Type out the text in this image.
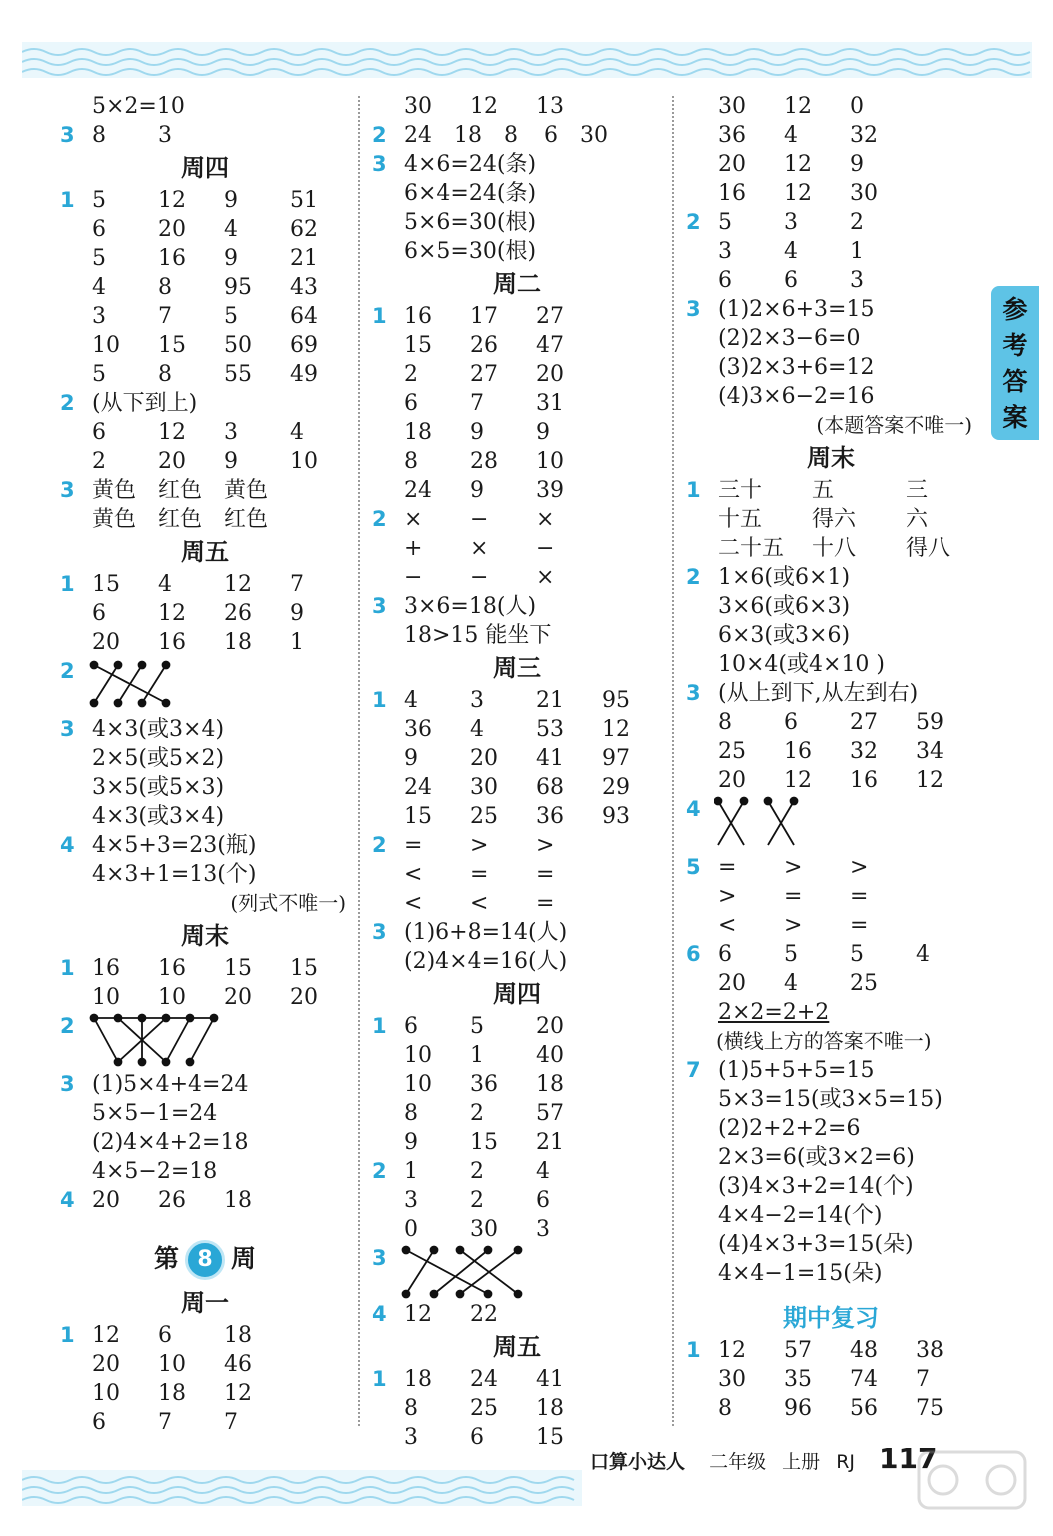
参
考
答
案
5×2=10
3 8 3
周四
1 5 12 9 51
6 20 4 62
5 16 9 21
4 8 95 43
3 7 5 64
10 15 50 69
5 8 55 49
2 (从下到上)
6 12 3 4
2 20 9 10
3 黄色 红色 黄色
黄色 红色 红色
周五
1 15 4 12 7
6 12 26 9
20 16 18 1
2
3 4×3(或3×4)
2×5(或5×2)
3×5(或5×3)
4×3(或3×4)
4 4×5+3=23(瓶)
4×3+1=13(个)
(列式不唯一)
周末
1 16 16 15 15
10 10 20 20
2
3 (1)5×4+4=24
5×5−1=24
(2)4×4+2=18
4×5−2=18
4 20 26 18
第 8 周
周一
1 12 6 18
20 10 46
10 18 12
6 7 7
30 12 13
2 24 18 8 6 30
3 4×6=24(条)
6×4=24(条)
5×6=30(根)
6×5=30(根)
周二
1 16 17 27
15 26 47
2 27 20
6 7 31
18 9 9
8 28 10
24 9 39
2 × − ×
+ × −
− − ×
3 3×6=18(人)
18>15 能坐下
周三
1 4 3 21 95
36 4 53 12
9 20 41 97
24 30 68 29
15 25 36 93
2 = > >
< = =
< < =
3 (1)6+8=14(人)
(2)4×4=16(人)
周四
1 6 5 20
10 1 40
10 36 18
8 2 57
9 15 21
2 1 2 4
3 2 6
0 30 3
3
4 12 22
周五
1 18 24 41
8 25 18
3 6 15
30 12 0
36 4 32
20 12 9
16 12 30
2 5 3 2
3 4 1
6 6 3
3 (1)2×6+3=15
(2)2×3−6=0
(3)2×3+6=12
(4)3×6−2=16
(本题答案不唯一)
周末
1 三十 五	三
十五 得六 六
二十五 十八 得八
2 1×6(或6×1)
3×6(或6×3)
6×3(或3×6)
10×4(或4×10 )
3 (从上到下,从左到右)
8 6 27 59
25 16 32 34
20 12 16 12
4
5 = > >
> = =
< > =
6 6 5 5 4
20 4 25
2×2=2+2
(横线上方的答案不唯一)
7 (1)5+5+5=15
5×3=15(或3×5=15)
(2)2+2+2=6
2×3=6(或3×2=6)
(3)4×3+2=14(个)
4×4−2=14(个)
(4)4×3+3=15(朵)
4×4−1=15(朵)
期中复习
1 12 57 48 38
30 35 74 7
8 96 56 75
口算小达人 二年级 上册 RJ 117
